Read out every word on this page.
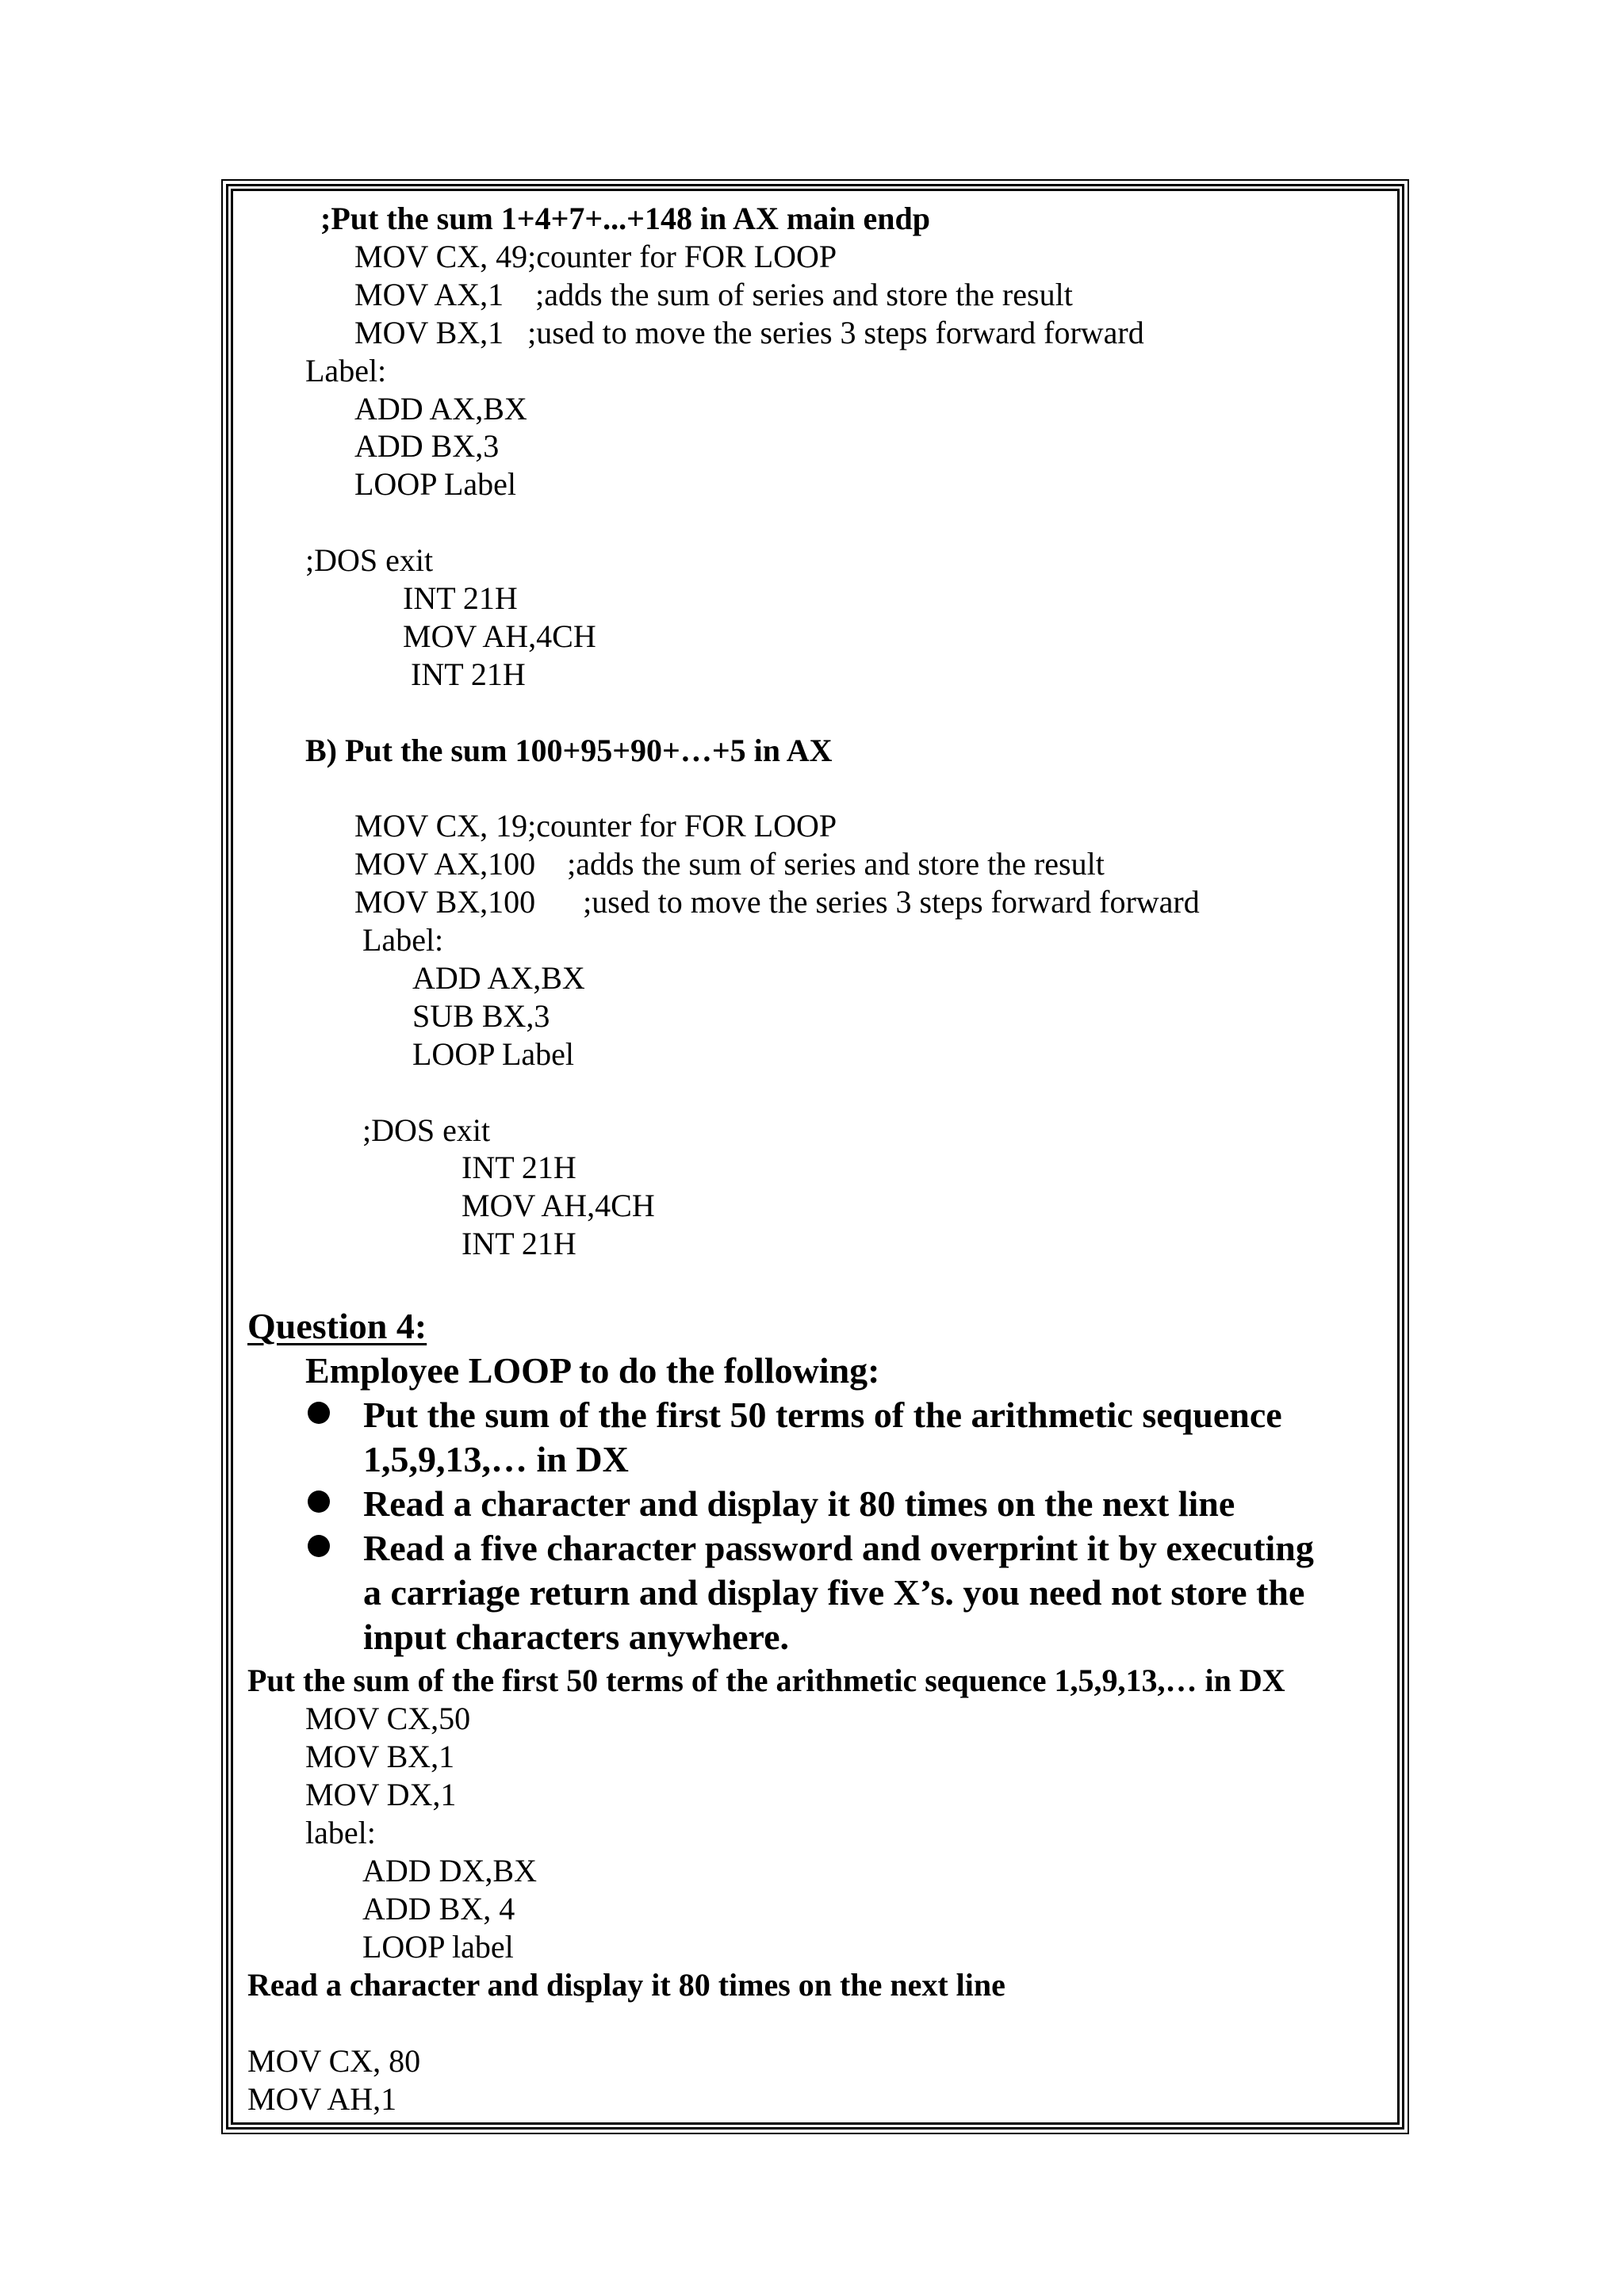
;Put the sum 1+4+7+...+148 in AX main endp
MOV CX, 49;counter for FOR LOOP
MOV AX,1    ;adds the sum of series and store the result
MOV BX,1   ;used to move the series 3 steps forward forward
Label:
ADD AX,BX
ADD BX,3
LOOP Label
;DOS exit
INT 21H
MOV AH,4CH
INT 21H
B) Put the sum 100+95+90+…+5 in AX
MOV CX, 19;counter for FOR LOOP
MOV AX,100    ;adds the sum of series and store the result
MOV BX,100      ;used to move the series 3 steps forward forward
Label:
ADD AX,BX
SUB BX,3
LOOP Label
;DOS exit
INT 21H
MOV AH,4CH
INT 21H
Question 4:
Employee LOOP to do the following:
Put the sum of the first 50 terms of the arithmetic sequence
1,5,9,13,… in DX
Read a character and display it 80 times on the next line
Read a five character password and overprint it by executing
a carriage return and display five X’s. you need not store the
input characters anywhere.
Put the sum of the first 50 terms of the arithmetic sequence 1,5,9,13,… in DX
MOV CX,50
MOV BX,1
MOV DX,1
label:
ADD DX,BX
ADD BX, 4
LOOP label
Read a character and display it 80 times on the next line
MOV CX, 80
MOV AH,1
